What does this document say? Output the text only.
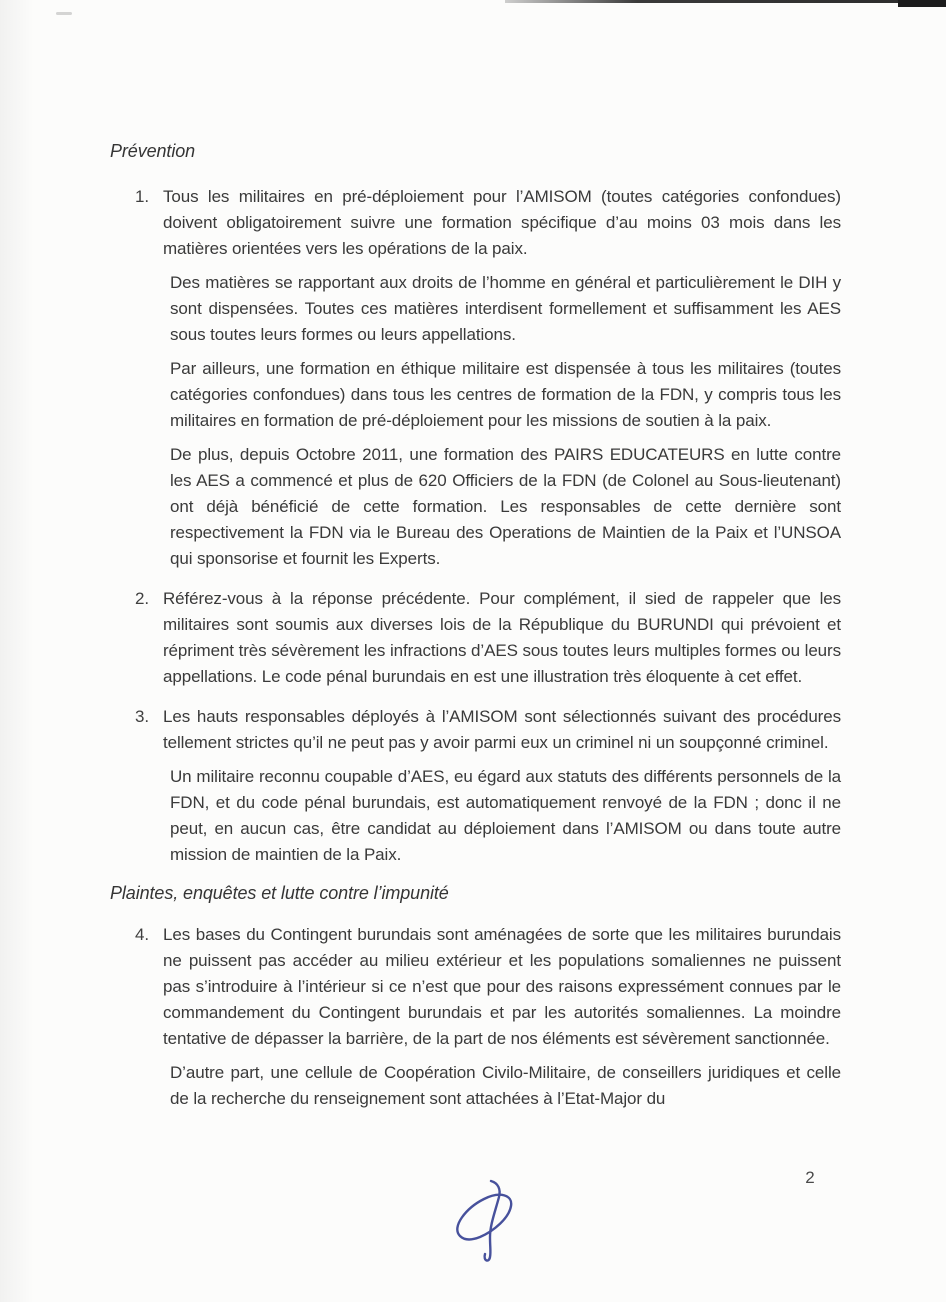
Prévention
1. Tous les militaires en pré-déploiement pour l’AMISOM (toutes catégories confondues) doivent obligatoirement suivre une formation spécifique d’au moins 03 mois dans les matières orientées vers les opérations de la paix.

Des matières se rapportant aux droits de l’homme en général et particulièrement le DIH y sont dispensées. Toutes ces matières interdisent formellement et suffisamment les AES sous toutes leurs formes ou leurs appellations.

Par ailleurs, une formation en éthique militaire est dispensée à tous les militaires (toutes catégories confondues) dans tous les centres de formation de la FDN, y compris tous les militaires en formation de pré-déploiement pour les missions de soutien à la paix.

De plus, depuis Octobre 2011, une formation des PAIRS EDUCATEURS en lutte contre les AES a commencé et plus de 620 Officiers de la FDN (de Colonel au Sous-lieutenant) ont déjà bénéficié de cette formation. Les responsables de cette dernière sont respectivement la FDN via le Bureau des Operations de Maintien de la Paix et l’UNSOA qui sponsorise et fournit les Experts.

2. Référez-vous à la réponse précédente. Pour complément, il sied de rappeler que les militaires sont soumis aux diverses lois de la République du BURUNDI qui prévoient et répriment très sévèrement les infractions d’AES sous toutes leurs multiples formes ou leurs appellations. Le code pénal burundais en est une illustration très éloquente à cet effet.

3. Les hauts responsables déployés à l’AMISOM sont sélectionnés suivant des procédures tellement strictes qu’il ne peut pas y avoir parmi eux un criminel ni un soupçonné criminel.

Un militaire reconnu coupable d’AES, eu égard aux statuts des différents personnels de la FDN, et du code pénal burundais, est automatiquement renvoyé de la FDN ; donc il ne peut, en aucun cas, être candidat au déploiement dans l’AMISOM ou dans toute autre mission de maintien de la Paix.

Plaintes, enquêtes et lutte contre l’impunité
4. Les bases du Contingent burundais sont aménagées de sorte que les militaires burundais ne puissent pas accéder au milieu extérieur et les populations somaliennes ne puissent pas s’introduire à l’intérieur si ce n’est que pour des raisons expressément connues par le commandement du Contingent burundais et par les autorités somaliennes. La moindre tentative de dépasser la barrière, de la part de nos éléments est sévèrement sanctionnée.

D’autre part, une cellule de Coopération Civilo-Militaire, de conseillers juridiques et celle de la recherche du renseignement sont attachées à l’Etat-Major du

2
